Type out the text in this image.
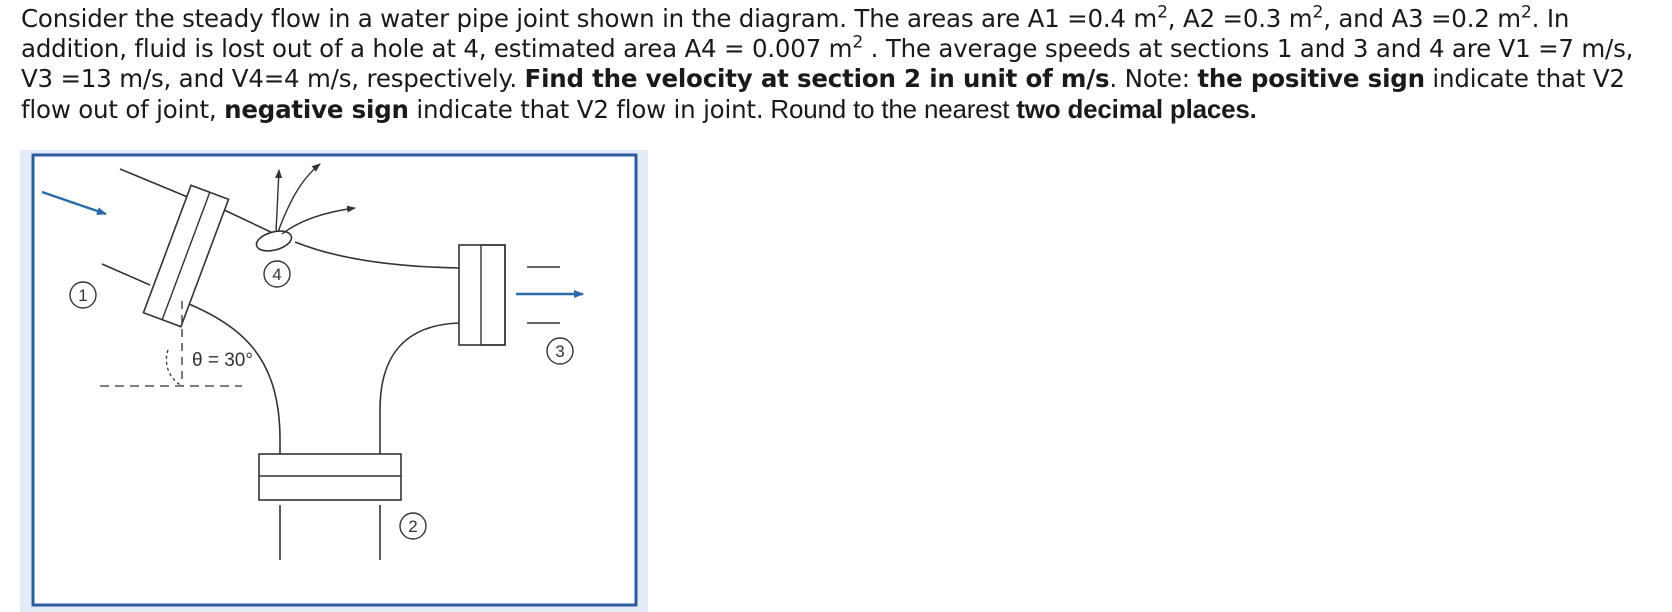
Consider the steady flow in a water pipe joint shown in the diagram. The areas are A1 =0.4 $m^2$, A2 =0.3 $m^2$, and A3 =0.2 $m^2$. In addition, fluid is lost out of a hole at 4, estimated area A4 = 0.007 $m^2$ . The average speeds at sections 1 and 3 and 4 are V1 =7 m/s, V3 =13 m/s, and V4=4 m/s, respectively. Find the velocity at section 2 in unit of m/s. Note: the positive sign indicate that V2 flow out of joint, negative sign indicate that V2 flow in joint. Round to the nearest two decimal places.
1
4
3
2
θ = 30°
